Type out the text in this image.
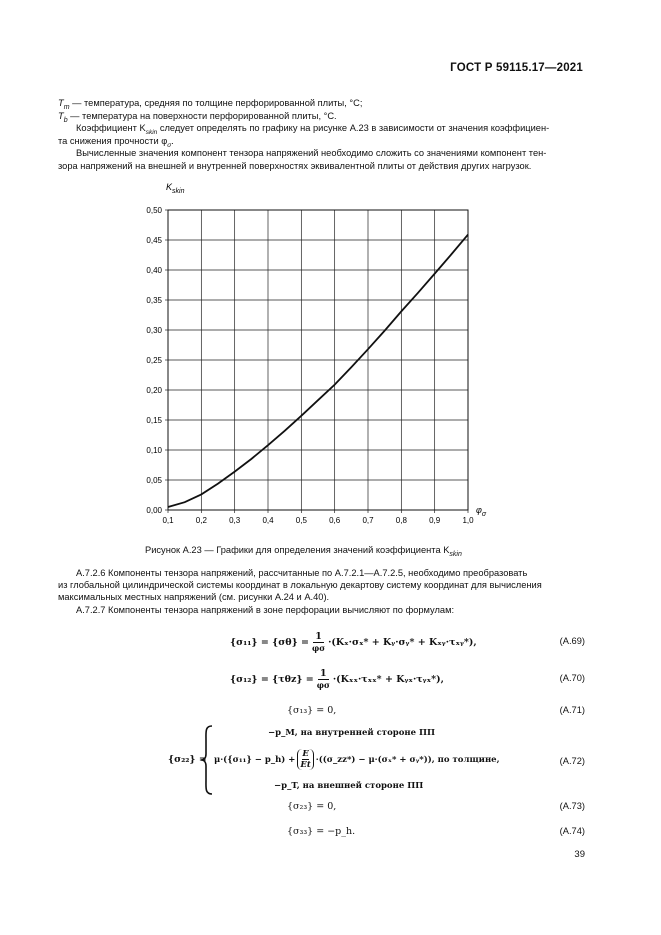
ГОСТ Р 59115.17—2021
$T_m$ — температура, средняя по толщине перфорированной плиты, °С;
$T_b$ — температура на поверхности перфорированной плиты, °С.
Коэффициент $K_{skin}$ следует определять по графику на рисунке А.23 в зависимости от значения коэффициен-
та снижения прочности $\varphi_\sigma$.
Вычисленные значения компонент тензора напряжений необходимо сложить со значениями компонент тен-
зора напряжений на внешней и внутренней поверхностях эквивалентной плиты от действия других нагрузок.
0,1	0,2	0,3	0,4	0,5	0,6	0,7	0,8	0,9	1,0
0,00
0,05
0,10
0,15
0,20
0,25
0,30
0,35
0,40
0,45
0,50
$K_{skin}$
$\varphi_\sigma$
Рисунок А.23 — Графики для определения значений коэффициента $K_{skin}$
А.7.2.6 Компоненты тензора напряжений, рассчитанные по А.7.2.1—А.7.2.5, необходимо преобразовать
из глобальной цилиндрической системы координат в локальную декартову систему координат для вычисления
максимальных местных напряжений (см. рисунки А.24 и А.40).
А.7.2.7 Компоненты тензора напряжений в зоне перфорации вычисляют по формулам:
{σ₁₁} = {σθ} = 1
φσ
·(Kₓ·σₓ* + Kᵧ·σᵧ* + Kₓᵧ·τₓᵧ*),	(А.69)
{σ₁₂} = {τθz} = 1
φσ
·(Kₓₓ·τₓₓ* + Kᵧₓ·τᵧₓ*),	(А.70)
{σ₁₃} = 0,	(А.71)
{σ₂₂} =
−p_M, на внутренней стороне ПП
μ·({σ₁₁} − p_h) + $\frac{E}{Et}$ ·((σ_zz*) − μ·(σₓ* + σᵧ*)), по толщине,
−p_T, на внешней стороне ПП
(А.72)
{σ₂₃} = 0,	(А.73)
{σ₃₃} = −p_h.	(А.74)
39
